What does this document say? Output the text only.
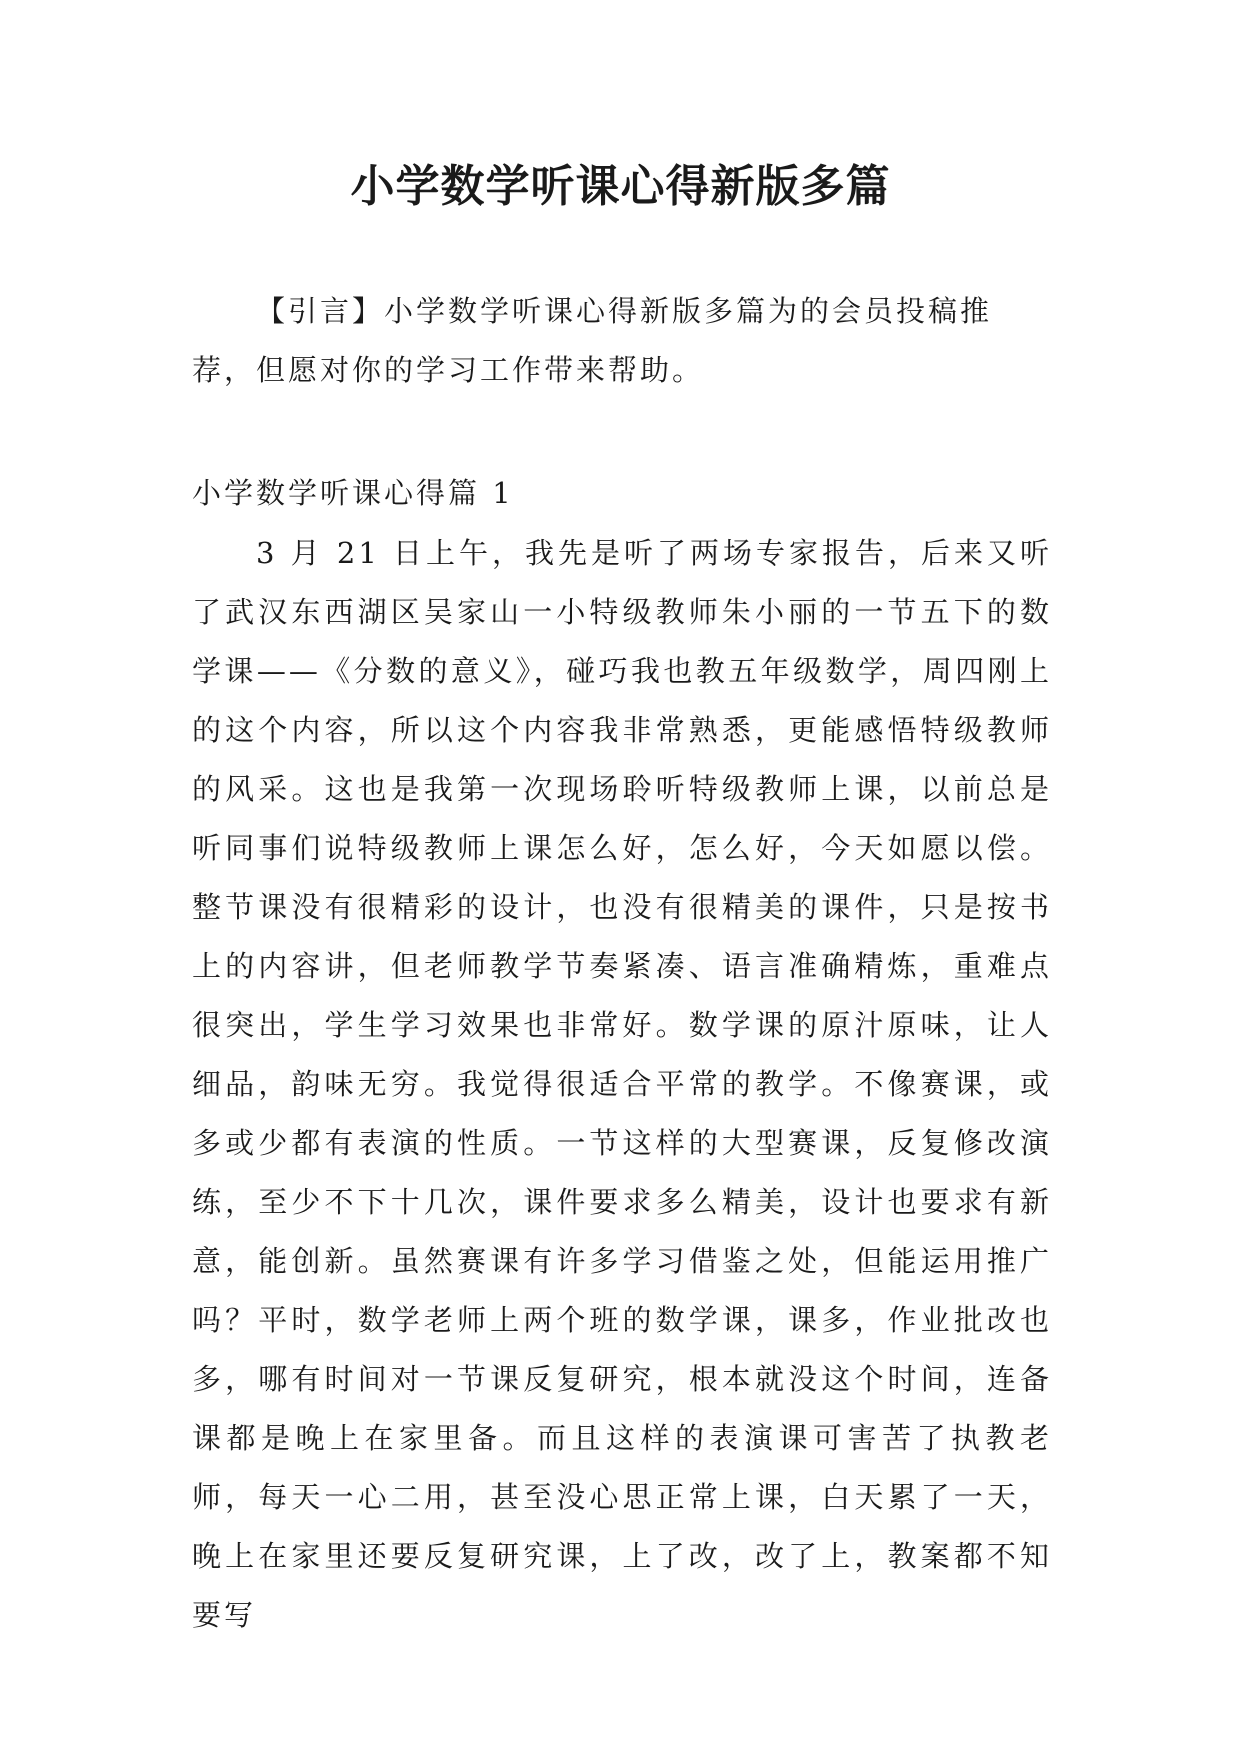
小学数学听课心得新版多篇

【引言】小学数学听课心得新版多篇为的会员投稿推荐，但愿对你的学习工作带来帮助。

小学数学听课心得篇 1

3 月 21 日上午，我先是听了两场专家报告，后来又听了武汉东西湖区吴家山一小特级教师朱小丽的一节五下的数学课——《分数的意义》，碰巧我也教五年级数学，周四刚上的这个内容，所以这个内容我非常熟悉，更能感悟特级教师的风采。这也是我第一次现场聆听特级教师上课，以前总是听同事们说特级教师上课怎么好，怎么好，今天如愿以偿。整节课没有很精彩的设计，也没有很精美的课件，只是按书上的内容讲，但老师教学节奏紧凑、语言准确精炼，重难点很突出，学生学习效果也非常好。数学课的原汁原味，让人细品，韵味无穷。我觉得很适合平常的教学。不像赛课，或多或少都有表演的性质。一节这样的大型赛课，反复修改演练，至少不下十几次，课件要求多么精美，设计也要求有新意，能创新。虽然赛课有许多学习借鉴之处，但能运用推广吗？平时，数学老师上两个班的数学课，课多，作业批改也多，哪有时间对一节课反复研究，根本就没这个时间，连备课都是晚上在家里备。而且这样的表演课可害苦了执教老师，每天一心二用，甚至没心思正常上课，白天累了一天，晚上在家里还要反复研究课，上了改，改了上，教案都不知要写
